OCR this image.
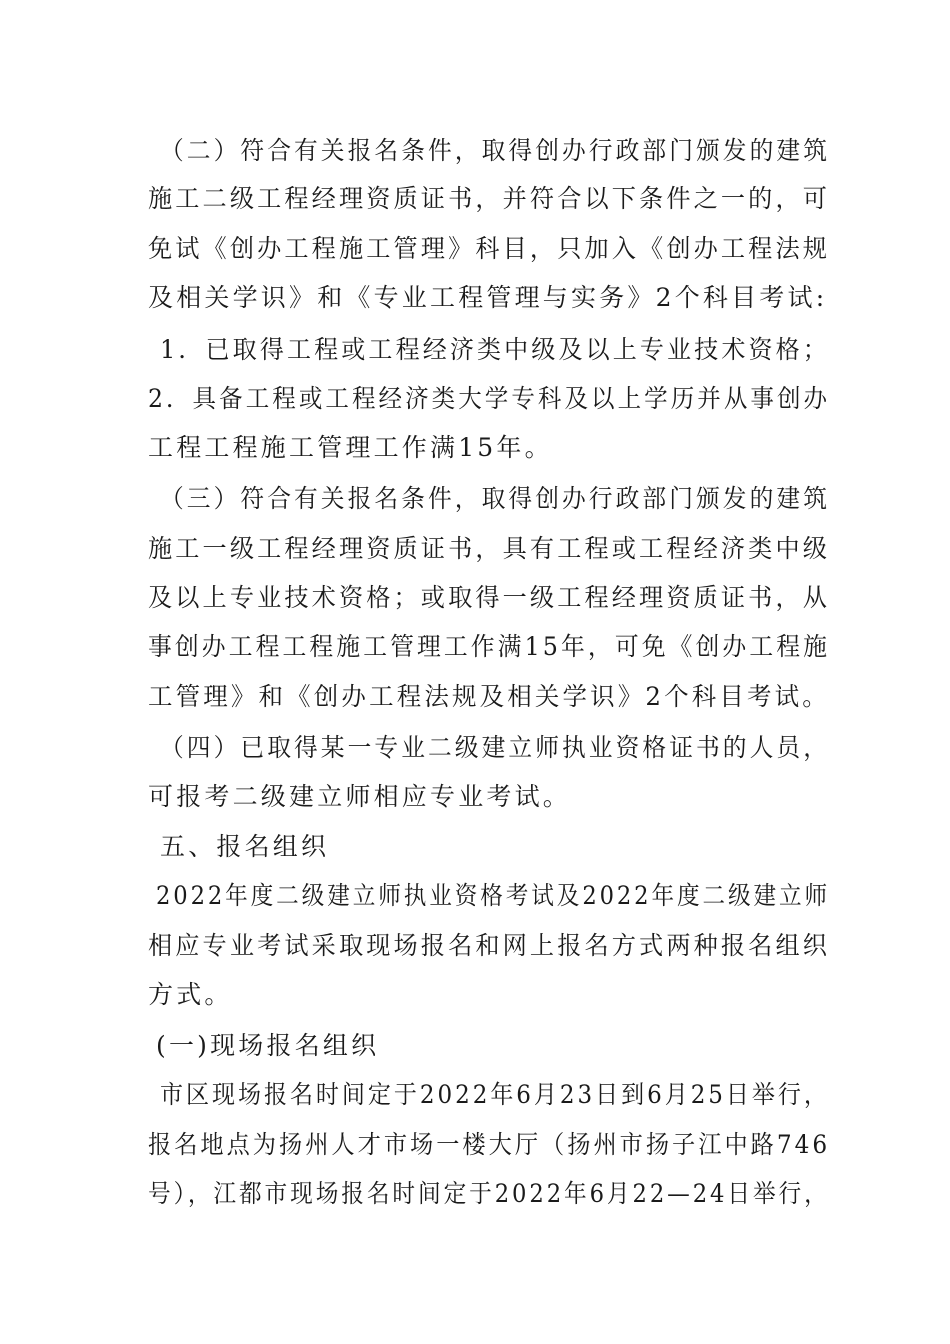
（二）符合有关报名条件，取得创办行政部门颁发的建筑
施工二级工程经理资质证书，并符合以下条件之一的，可
免试《创办工程施工管理》科目，只加入《创办工程法规
及相关学识》和《专业工程管理与实务》2个科目考试:
1．已取得工程或工程经济类中级及以上专业技术资格；
2．具备工程或工程经济类大学专科及以上学历并从事创办
工程工程施工管理工作满15年。
（三）符合有关报名条件，取得创办行政部门颁发的建筑
施工一级工程经理资质证书，具有工程或工程经济类中级
及以上专业技术资格；或取得一级工程经理资质证书，从
事创办工程工程施工管理工作满15年，可免《创办工程施
工管理》和《创办工程法规及相关学识》2个科目考试。
（四）已取得某一专业二级建立师执业资格证书的人员，
可报考二级建立师相应专业考试。
五、报名组织
2022年度二级建立师执业资格考试及2022年度二级建立师
相应专业考试采取现场报名和网上报名方式两种报名组织
方式。
(一)现场报名组织
市区现场报名时间定于2022年6月23日到6月25日举行，
报名地点为扬州人才市场一楼大厅（扬州市扬子江中路746
号），江都市现场报名时间定于2022年6月22—24日举行，
